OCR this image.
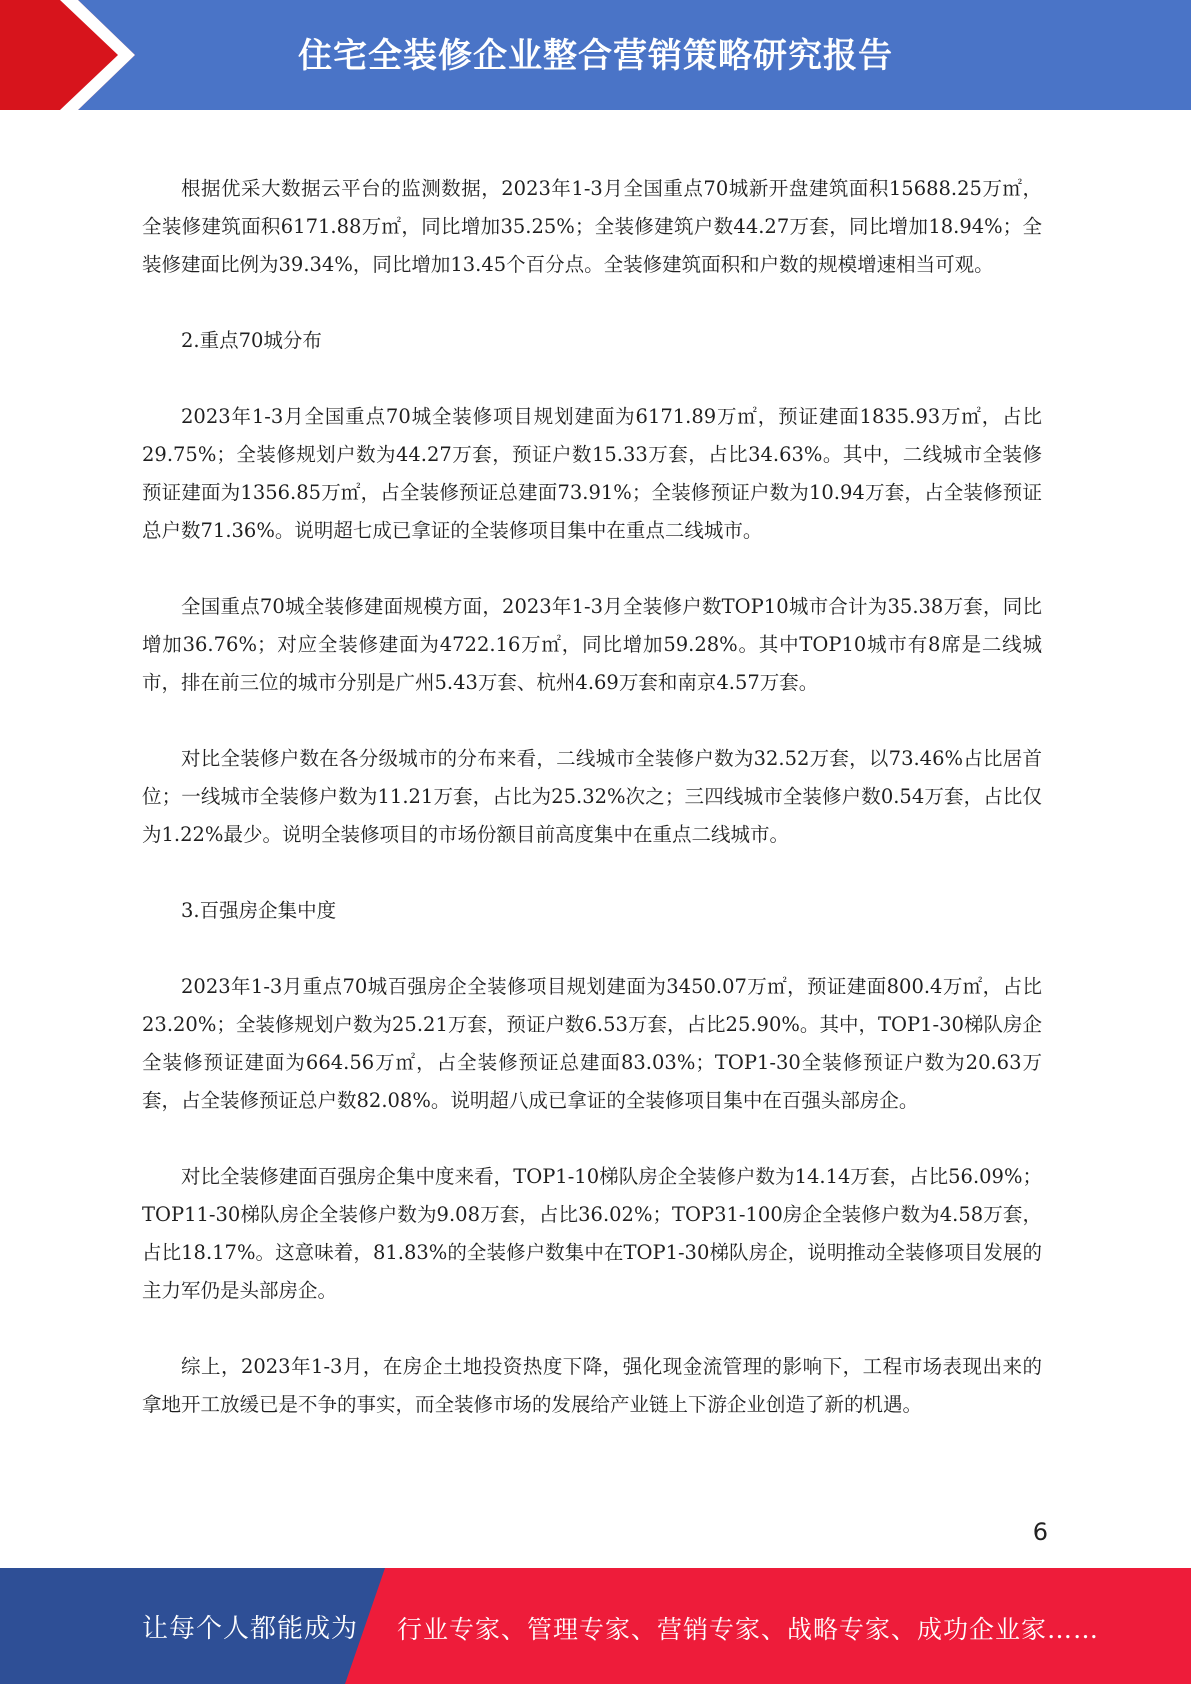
住宅全装修企业整合营销策略研究报告

根据优采大数据云平台的监测数据，2023年1-3月全国重点70城新开盘建筑面积15688.25万㎡，全装修建筑面积6171.88万㎡，同比增加35.25%；全装修建筑户数44.27万套，同比增加18.94%；全装修建面比例为39.34%，同比增加13.45个百分点。全装修建筑面积和户数的规模增速相当可观。

2.重点70城分布

2023年1-3月全国重点70城全装修项目规划建面为6171.89万㎡，预证建面1835.93万㎡，占比29.75%；全装修规划户数为44.27万套，预证户数15.33万套，占比34.63%。其中，二线城市全装修预证建面为1356.85万㎡，占全装修预证总建面73.91%；全装修预证户数为10.94万套，占全装修预证总户数71.36%。说明超七成已拿证的全装修项目集中在重点二线城市。

全国重点70城全装修建面规模方面，2023年1-3月全装修户数TOP10城市合计为35.38万套，同比增加36.76%；对应全装修建面为4722.16万㎡，同比增加59.28%。其中TOP10城市有8席是二线城市，排在前三位的城市分别是广州5.43万套、杭州4.69万套和南京4.57万套。

对比全装修户数在各分级城市的分布来看，二线城市全装修户数为32.52万套，以73.46%占比居首位；一线城市全装修户数为11.21万套，占比为25.32%次之；三四线城市全装修户数0.54万套，占比仅为1.22%最少。说明全装修项目的市场份额目前高度集中在重点二线城市。

3.百强房企集中度

2023年1-3月重点70城百强房企全装修项目规划建面为3450.07万㎡，预证建面800.4万㎡，占比23.20%；全装修规划户数为25.21万套，预证户数6.53万套，占比25.90%。其中，TOP1-30梯队房企全装修预证建面为664.56万㎡，占全装修预证总建面83.03%；TOP1-30全装修预证户数为20.63万套，占全装修预证总户数82.08%。说明超八成已拿证的全装修项目集中在百强头部房企。

对比全装修建面百强房企集中度来看，TOP1-10梯队房企全装修户数为14.14万套，占比56.09%；TOP11-30梯队房企全装修户数为9.08万套，占比36.02%；TOP31-100房企全装修户数为4.58万套，占比18.17%。这意味着，81.83%的全装修户数集中在TOP1-30梯队房企，说明推动全装修项目发展的主力军仍是头部房企。

综上，2023年1-3月，在房企土地投资热度下降，强化现金流管理的影响下，工程市场表现出来的拿地开工放缓已是不争的事实，而全装修市场的发展给产业链上下游企业创造了新的机遇。

6
让每个人都能成为 行业专家、管理专家、营销专家、战略专家、成功企业家……
